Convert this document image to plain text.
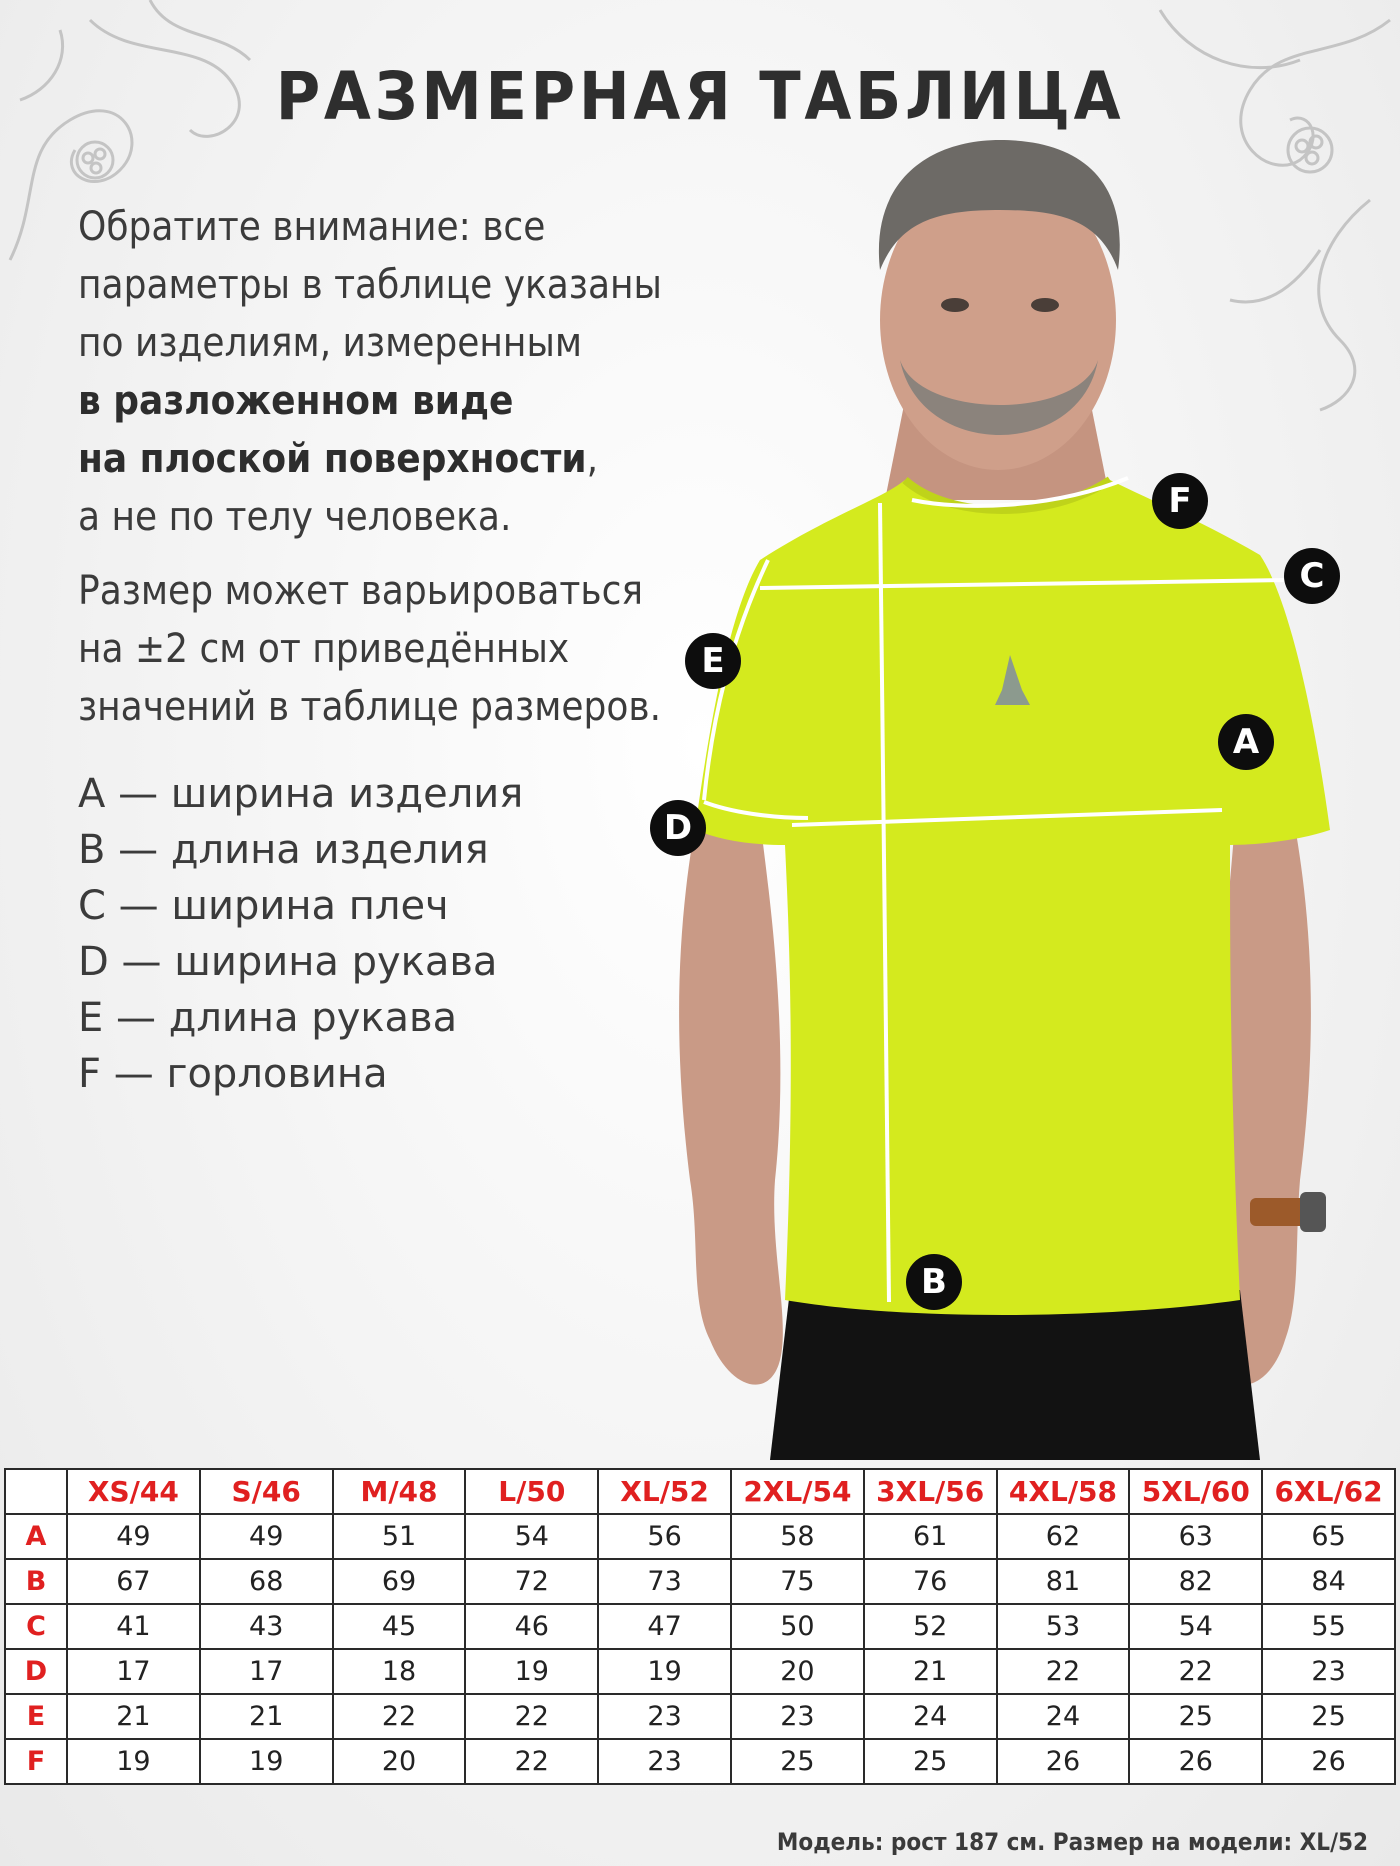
РАЗМЕРНАЯ ТАБЛИЦА

Обратите внимание: все

параметры в таблице указаны

по изделиям, измеренным

в разложенном виде

на плоской поверхности,

а не по телу человека.

Размер может варьироваться

на ±2 см от приведённых

значений в таблице размеров.

A — ширина изделия
B — длина изделия
C — ширина плеч
D — ширина рукава
E — длина рукава
F — горловина
F
C
E
A
D
B
	XS/44	S/46	M/48	L/50	XL/52	2XL/54	3XL/56	4XL/58	5XL/60	6XL/62
A	49	49	51	54	56	58	61	62	63	65
B	67	68	69	72	73	75	76	81	82	84
C	41	43	45	46	47	50	52	53	54	55
D	17	17	18	19	19	20	21	22	22	23
E	21	21	22	22	23	23	24	24	25	25
F	19	19	20	22	23	25	25	26	26	26
Модель: рост 187 см. Размер на модели: XL/52
